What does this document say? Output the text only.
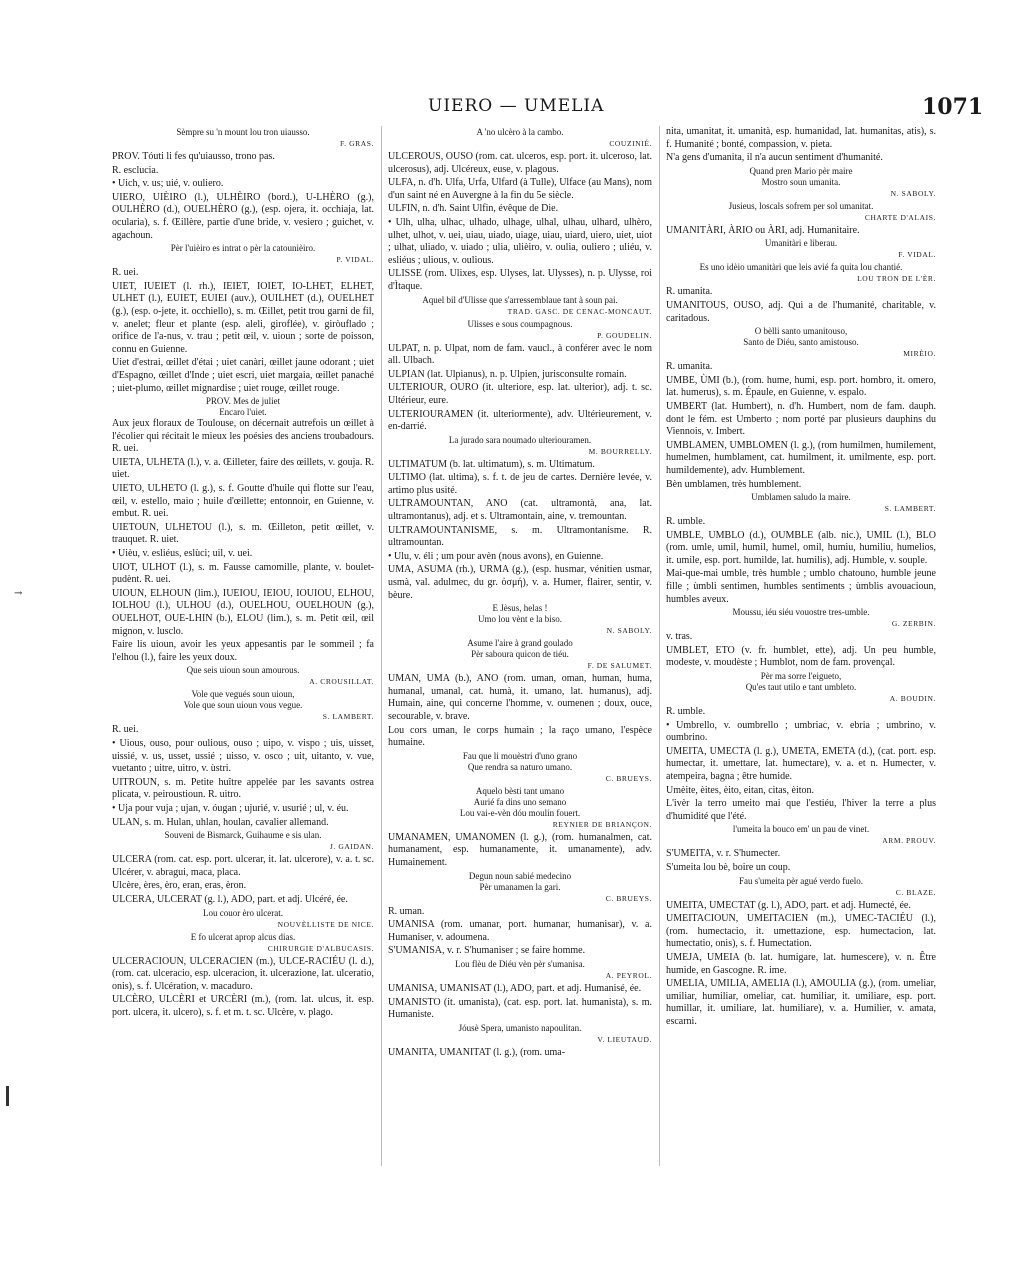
UIERO — UMELIA	1071
→
Sèmpre su 'n mount lou tron uiausso.
F. GRAS.
PROV. Tóuti li fes qu'uiausso, trono pas.
R. esclucia.
• Uich, v. us; uié, v. ouliero.
UIERO, UIÈIRO (l.), ULHÈIRO (bord.), U-LHÈRO (g.), OULHÈRO (d.), OUELHÈRO (g.), (esp. ojera, it. occhiaja, lat. ocularia), s. f. Œillère, partie d'une bride, v. vesiero ; guichet, v. agachoun.
Pèr l'uièiro es intrat o pèr la catounièiro.
P. VIDAL.
R. uei.
UIET, IUEIET (l. rh.), IEIET, IOIET, IO-LHET, ELHET, ULHET (l.), EUIET, EUIEI (auv.), OUILHET (d.), OUELHET (g.), (esp. o-jete, it. occhiello), s. m. Œillet, petit trou garni de fil, v. anelet; fleur et plante (esp. aleli, giroflée), v. giròuflado ; orifice de l'a-nus, v. trau ; petit œil, v. uioun ; sorte de poisson, connu en Guienne.
Uiet d'estrai, œillet d'étai ; uiet canàri, œillet jaune odorant ; uiet d'Espagno, œillet d'Inde ; uiet escri, uiet margaia, œillet panaché ; uiet-plumo, œillet mignardise ; uiet rouge, œillet rouge.
PROV. Mes de juliet
Encaro l'uiet.
Aux jeux floraux de Toulouse, on décernait autrefois un œillet à l'écolier qui récitait le mieux les poésies des anciens troubadours. R. uei.
UIETA, ULHETA (l.), v. a. Œilleter, faire des œillets, v. gouja. R. uiet.
UIETO, ULHETO (l. g.), s. f. Goutte d'huile qui flotte sur l'eau, œil, v. estello, maio ; huile d'œillette; entonnoir, en Guienne, v. embut. R. uei.
UIETOUN, ULHETOU (l.), s. m. Œilleton, petit œillet, v. trauquet. R. uiet.
• Uièu, v. esliéus, eslùci; uil, v. uei.
UIOT, ULHOT (l.), s. m. Fausse camomille, plante, v. boulet-pudènt. R. uei.
UIOUN, ELHOUN (lim.), IUEIOU, IEIOU, IOUIOU, ELHOU, IOLHOU (l.), ULHOU (d.), OUELHOU, OUELHOUN (g.), OUELHOT, OUE-LHIN (b.), ELOU (lim.), s. m. Petit œil, œil mignon, v. lusclo.
Faire lis uioun, avoir les yeux appesantis par le sommeil ; fa l'elhou (l.), faire les yeux doux.
Que seis uioun soun amourous.
A. CROUSILLAT.
Vole que vegués soun uioun,
Vole que soun uioun vous vegue.
S. LAMBERT.
R. uei.
• Uious, ouso, pour oulious, ouso ; uipo, v. vispo ; uis, uisset, uissié, v. us, usset, ussié ; uisso, v. osco ; uit, uitanto, v. vue, vuetanto ; uitre, uitro, v. ùstri.
UITROUN, s. m. Petite huître appelée par les savants ostrea plicata, v. peiroustioun. R. uitro.
• Uja pour vuja ; ujan, v. óugan ; ujurié, v. usurié ; ul, v. éu.
ULAN, s. m. Hulan, uhlan, houlan, cavalier allemand.
Souveni de Bismarck, Guihaume e sis ulan.
J. GAIDAN.
ULCERA (rom. cat. esp. port. ulcerar, it. lat. ulcerore), v. a. t. sc. Ulcérer, v. abragui, maca, placa.
Ulcère, ères, èro, eran, eras, èron.
ULCERA, ULCERAT (g. l.), ADO, part. et adj. Ulcéré, ée.
Lou couor èro ulcerat.
NOUVÈLLISTE DE NICE.
E fo ulcerat aprop alcus dias.
CHIRURGIE D'ALBUCASIS.
ULCERACIOUN, ULCERACIEN (m.), ULCE-RACIÉU (l. d.), (rom. cat. ulceracio, esp. ulceracion, it. ulcerazione, lat. ulceratio, onis), s. f. Ulcération, v. macaduro.
ULCÈRO, ULCÈRI et URCÈRI (m.), (rom. lat. ulcus, it. esp. port. ulcera, it. ulcero), s. f. et m. t. sc. Ulcère, v. plago.
A 'no ulcèro à la cambo.
COUZINIÉ.
ULCEROUS, OUSO (rom. cat. ulceros, esp. port. it. ulceroso, lat. ulcerosus), adj. Ulcéreux, euse, v. plagous.
ULFA, n. d'h. Ulfa, Urfa, Ulfard (à Tulle), Ulface (au Mans), nom d'un saint né en Auvergne à la fin du 5e siècle.
ULFIN, n. d'h. Saint Ulfin, évêque de Die.
• Ulh, ulha, ulhac, ulhado, ulhage, ulhal, ulhau, ulhard, ulhèro, ulhet, ulhot, v. uei, uiau, uiado, uiage, uiau, uiard, uiero, uiet, uiot ; ulhat, uliado, v. uiado ; ulia, ulièiro, v. oulia, ouliero ; uliéu, v. esliéus ; ulious, v. oulious.
ULISSE (rom. Ulixes, esp. Ulyses, lat. Ulysses), n. p. Ulysse, roi d'Ìtaque.
Aquel bil d'Ulisse que s'arressemblaue tant à soun pai.
TRAD. GASC. DE CENAC-MONCAUT.
Ulisses e sous coumpagnous.
P. GOUDELIN.
ULPAT, n. p. Ulpat, nom de fam. vaucl., à conférer avec le nom all. Ulbach.
ULPIAN (lat. Ulpianus), n. p. Ulpien, jurisconsulte romain.
ULTERIOUR, OURO (it. ulteriore, esp. lat. ulterior), adj. t. sc. Ultérieur, eure.
ULTERIOURAMEN (it. ulteriormente), adv. Ultérieurement, v. en-darrié.
La jurado sara noumado ulteriouramen.
M. BOURRELLY.
ULTIMATUM (b. lat. ultimatum), s. m. Ultimatum.
ULTIMO (lat. ultima), s. f. t. de jeu de cartes. Dernière levée, v. artimo plus usité.
ULTRAMOUNTAN, ANO (cat. ultramontà, ana, lat. ultramontanus), adj. et s. Ultramontain, aine, v. tremountan.
ULTRAMOUNTANISME, s. m. Ultramontanisme. R. ultramountan.
• Ulu, v. éli ; um pour avèn (nous avons), en Guienne.
UMA, ASUMA (rh.), URMA (g.), (esp. husmar, vénitien usmar, usmà, val. adulmec, du gr. ὀσμή), v. a. Humer, flairer, sentir, v. bèure.
E Jèsus, helas !
Umo lou vènt e la biso.
N. SABOLY.
Asume l'aire à grand goulado
Pèr saboura quicon de tiéu.
F. DE SALUMET.
UMAN, UMA (b.), ANO (rom. uman, oman, human, huma, humanal, umanal, cat. humà, it. umano, lat. humanus), adj. Humain, aine, qui concerne l'homme, v. oumenen ; doux, ouce, secourable, v. brave.
Lou cors uman, le corps humain ; la raço umano, l'espèce humaine.
Fau que li mouèstri d'uno grano
Que rendra sa naturo umano.
C. BRUEYS.
Aquelo bèsti tant umano
Aurié fa dins uno semano
Lou vai-e-vèn dóu moulin fouert.
REYNIER DE BRIANÇON.
UMANAMEN, UMANOMEN (l. g.), (rom. humanalmen, cat. humanament, esp. humanamente, it. umanamente), adv. Humainement.
Degun noun sabié medecino
Pèr umanamen la gari.
C. BRUEYS.
R. uman.
UMANISA (rom. umanar, port. humanar, humanisar), v. a. Humaniser, v. adoumena.
S'UMANISA, v. r. S'humaniser ; se faire homme.
Lou flèu de Diéu vèn pèr s'umanisa.
A. PEYROL.
UMANISA, UMANISAT (l.), ADO, part. et adj. Humanisé, ée.
UMANISTO (it. umanista), (cat. esp. port. lat. humanista), s. m. Humaniste.
Jóusè Spera, umanisto napoulitan.
V. LIEUTAUD.
UMANITA, UMANITAT (l. g.), (rom. uma-
nita, umanitat, it. umanità, esp. humanidad, lat. humanitas, atis), s. f. Humanité ; bonté, compassion, v. pieta.
N'a gens d'umanita, il n'a aucun sentiment d'humanité.
Quand pren Mario pèr maire
Mostro soun umanita.
N. SABOLY.
Jusieus, loscals sofrem per sol umanitat.
CHARTE D'ALAIS.
UMANITÀRI, ÀRIO ou ÀRI, adj. Humanitaire.
Umanitàri e liberau.
F. VIDAL.
Es uno idèio umanitàri que leis avié fa quita lou chantié.
LOU TRON DE L'ÈR.
R. umanita.
UMANITOUS, OUSO, adj. Qui a de l'humanité, charitable, v. caritadous.
O bèlli santo umanitouso,
Santo de Diéu, santo amistouso.
MIRÈIO.
R. umanita.
UMBE, ÙMI (b.), (rom. hume, humi, esp. port. hombro, it. omero, lat. humerus), s. m. Épaule, en Guienne, v. espalo.
UMBERT (lat. Humbert), n. d'h. Humbert, nom de fam. dauph. dont le fém. est Umberto ; nom porté par plusieurs dauphins du Viennois, v. Imbert.
UMBLAMEN, UMBLOMEN (l. g.), (rom humilmen, humilement, humelmen, humblament, cat. humilment, it. umilmente, esp. port. humildemente), adv. Humblement.
Bèn umblamen, très humblement.
Umblamen saludo la maire.
S. LAMBERT.
R. umble.
UMBLE, UMBLO (d.), OUMBLE (alb. nic.), UMIL (l.), BLO (rom. umle, umil, humil, humel, omil, humiu, humiliu, humelios, it. umile, esp. port. humilde, lat. humilis), adj. Humble, v. souple.
Mai-que-mai umble, très humble ; umblo chatouno, humble jeune fille ; ùmbli sentimen, humbles sentiments ; ùmblis avouacioun, humbles aveux.
Moussu, iéu siéu vouostre tres-umble.
G. ZERBIN.
v. tras.
UMBLET, ETO (v. fr. humblet, ette), adj. Un peu humble, modeste, v. moudèste ; Humblot, nom de fam. provençal.
Pèr ma sorre l'eigueto,
Qu'es taut utilo e tant umbleto.
A. BOUDIN.
R. umble.
• Umbrello, v. oumbrello ; umbriac, v. ebria ; umbrino, v. oumbrino.
UMEITA, UMECTA (l. g.), UMETA, EMETA (d.), (cat. port. esp. humectar, it. umettare, lat. humectare), v. a. et n. Humecter, v. atempeira, bagna ; être humide.
Umèite, èites, èito, eitan, citas, èiton.
L'ivèr la terro umeito mai que l'estiéu, l'hiver la terre a plus d'humidité que l'été.
l'umeita la bouco em' un pau de vinet.
ARM. PROUV.
S'UMEITA, v. r. S'humecter.
S'umeita lou bè, boire un coup.
Fau s'umeita pèr agué verdo fuelo.
C. BLAZE.
UMEITA, UMECTAT (g. l.), ADO, part. et adj. Humecté, ée.
UMEITACIOUN, UMEITACIEN (m.), UMEC-TACIÉU (l.), (rom. humectacio, it. umettazione, esp. humectacion, lat. humectatio, onis), s. f. Humectation.
UMEJA, UMEIA (b. lat. humigare, lat. humescere), v. n. Être humide, en Gascogne. R. ime.
UMELIA, UMILIA, AMELIA (l.), AMOULIA (g.), (rom. umeliar, umiliar, humiliar, omeliar, cat. humiliar, it. umiliare, esp. port. humillar, it. umiliare, lat. humiliare), v. a. Humilier, v. amata, escarni.
